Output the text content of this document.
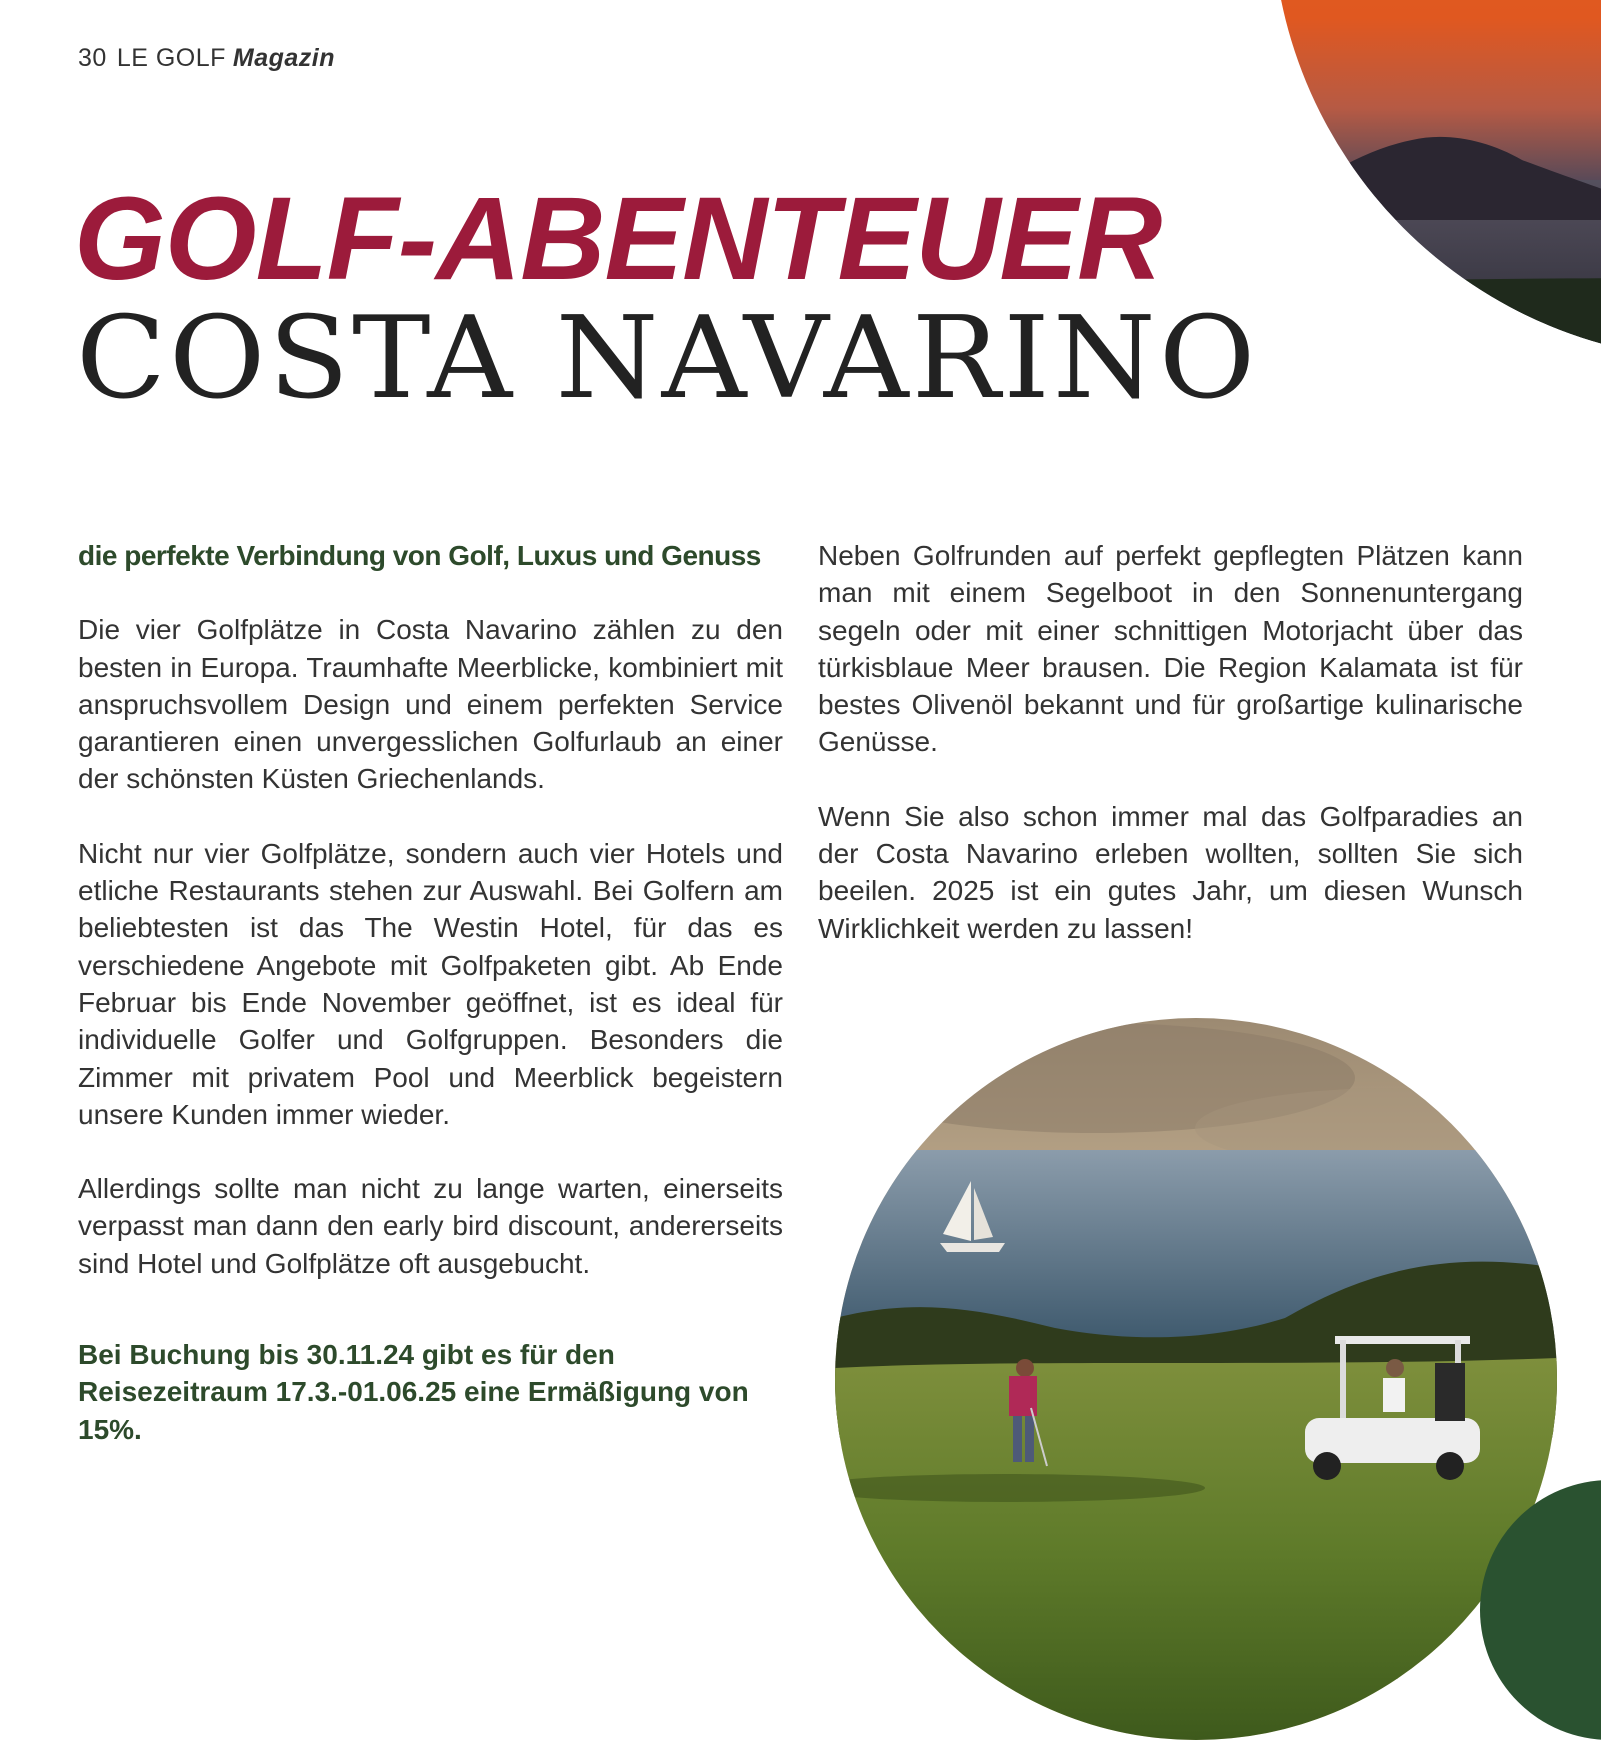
30 LE GOLF Magazin
GOLF-ABENTEUER
COSTA NAVARINO

die perfekte Verbindung von Golf, Luxus und Genuss

Die vier Golfplätze in Costa Navarino zählen zu den besten in Europa. Traumhafte Meerblicke, kombiniert mit anspruchsvollem Design und einem perfekten Service garantieren einen unvergesslichen Golfurlaub an einer der schönsten Küsten Griechenlands.

Nicht nur vier Golfplätze, sondern auch vier Hotels und etliche Restaurants stehen zur Auswahl. Bei Golfern am beliebtesten ist das The Westin Hotel, für das es verschiedene Angebote mit Golfpaketen gibt. Ab Ende Februar bis Ende November geöffnet, ist es ideal für individuelle Golfer und Golfgruppen. Besonders die Zimmer mit privatem Pool und Meerblick begeistern unsere Kunden immer wieder.

Allerdings sollte man nicht zu lange warten, einerseits verpasst man dann den early bird discount, andererseits sind Hotel und Golfplätze oft ausgebucht.

Bei Buchung bis 30.11.24 gibt es für den Reisezeitraum 17.3.-01.06.25 eine Ermäßigung von 15%.

Neben Golfrunden auf perfekt gepflegten Plätzen kann man mit einem Segelboot in den Sonnenuntergang segeln oder mit einer schnittigen Motorjacht über das türkisblaue Meer brausen. Die Region Kalamata ist für bestes Olivenöl bekannt und für großartige kulinarische Genüsse.

Wenn Sie also schon immer mal das Golfparadies an der Costa Navarino erleben wollten, sollten Sie sich beeilen. 2025 ist ein gutes Jahr, um diesen Wunsch Wirklichkeit werden zu lassen!
